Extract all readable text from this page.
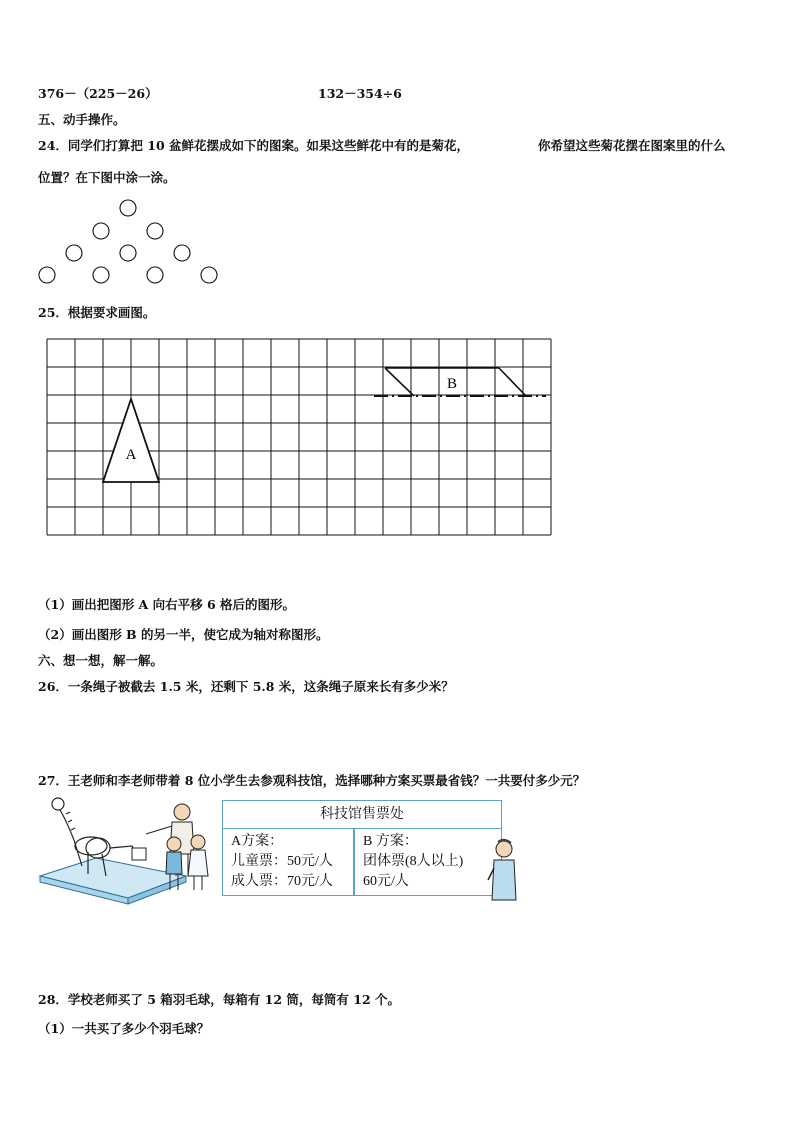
376－（225－26）	132－354÷6
五、动手操作。
24．同学们打算把 10 盆鲜花摆成如下的图案。如果这些鲜花中有的是菊花，	你希望这些菊花摆在图案里的什么
位置？在下图中涂一涂。
25．根据要求画图。
A
B
（1）画出把图形 A 向右平移 6 格后的图形。
（2）画出图形 B 的另一半，使它成为轴对称图形。
六、想一想，解一解。
26．一条绳子被截去 1.5 米，还剩下 5.8 米，这条绳子原来长有多少米？
27．王老师和李老师带着 8 位小学生去参观科技馆，选择哪种方案买票最省钱？一共要付多少元？
科技馆售票处
A方案：
儿童票：50元/人
成人票：70元/人
B 方案：
团体票(8人以上)
60元/人
28．学校老师买了 5 箱羽毛球，每箱有 12 筒，每筒有 12 个。
（1）一共买了多少个羽毛球？
